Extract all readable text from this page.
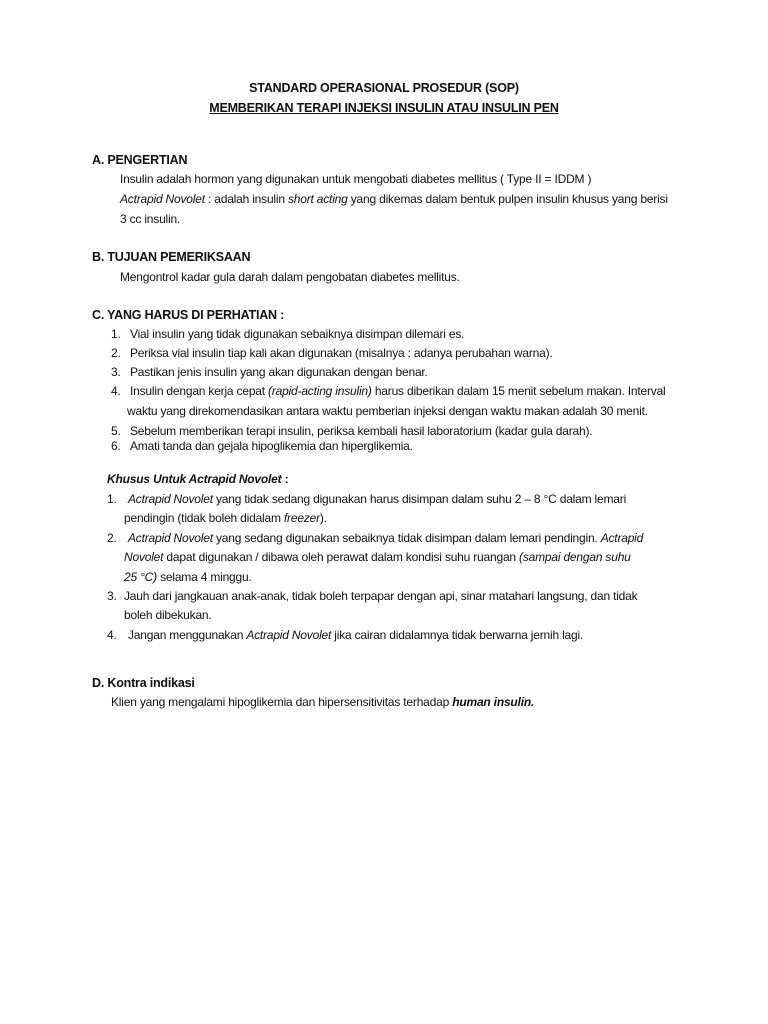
STANDARD OPERASIONAL PROSEDUR (SOP)
MEMBERIKAN TERAPI INJEKSI INSULIN ATAU INSULIN PEN
A. PENGERTIAN
Insulin adalah hormon yang digunakan untuk mengobati diabetes mellitus ( Type II = IDDM )
Actrapid Novolet : adalah insulin short acting yang dikemas dalam bentuk pulpen insulin khusus yang berisi
3 cc insulin.
B. TUJUAN PEMERIKSAAN
Mengontrol kadar gula darah dalam pengobatan diabetes mellitus.
C. YANG HARUS DI PERHATIAN :
1. Vial insulin yang tidak digunakan sebaiknya disimpan dilemari es.
2. Periksa vial insulin tiap kali akan digunakan (misalnya : adanya perubahan warna).
3. Pastikan jenis insulin yang akan digunakan dengan benar.
4. Insulin dengan kerja cepat (rapid-acting insulin) harus diberikan dalam 15 menit sebelum makan. Interval
waktu yang direkomendasikan antara waktu pemberian injeksi dengan waktu makan adalah 30 menit.
5. Sebelum memberikan terapi insulin, periksa kembali hasil laboratorium (kadar gula darah).
6. Amati tanda dan gejala hipoglikemia dan hiperglikemia.
Khusus Untuk Actrapid Novolet :
1. Actrapid Novolet yang tidak sedang digunakan harus disimpan dalam suhu 2 – 8 °C dalam lemari
pendingin (tidak boleh didalam freezer).
2. Actrapid Novolet yang sedang digunakan sebaiknya tidak disimpan dalam lemari pendingin. Actrapid
Novolet dapat digunakan / dibawa oleh perawat dalam kondisi suhu ruangan (sampai dengan suhu
25 °C) selama 4 minggu.
3. Jauh dari jangkauan anak-anak, tidak boleh terpapar dengan api, sinar matahari langsung, dan tidak
boleh dibekukan.
4. Jangan menggunakan Actrapid Novolet jika cairan didalamnya tidak berwarna jernih lagi.
D. Kontra indikasi
Klien yang mengalami hipoglikemia dan hipersensitivitas terhadap human insulin.
